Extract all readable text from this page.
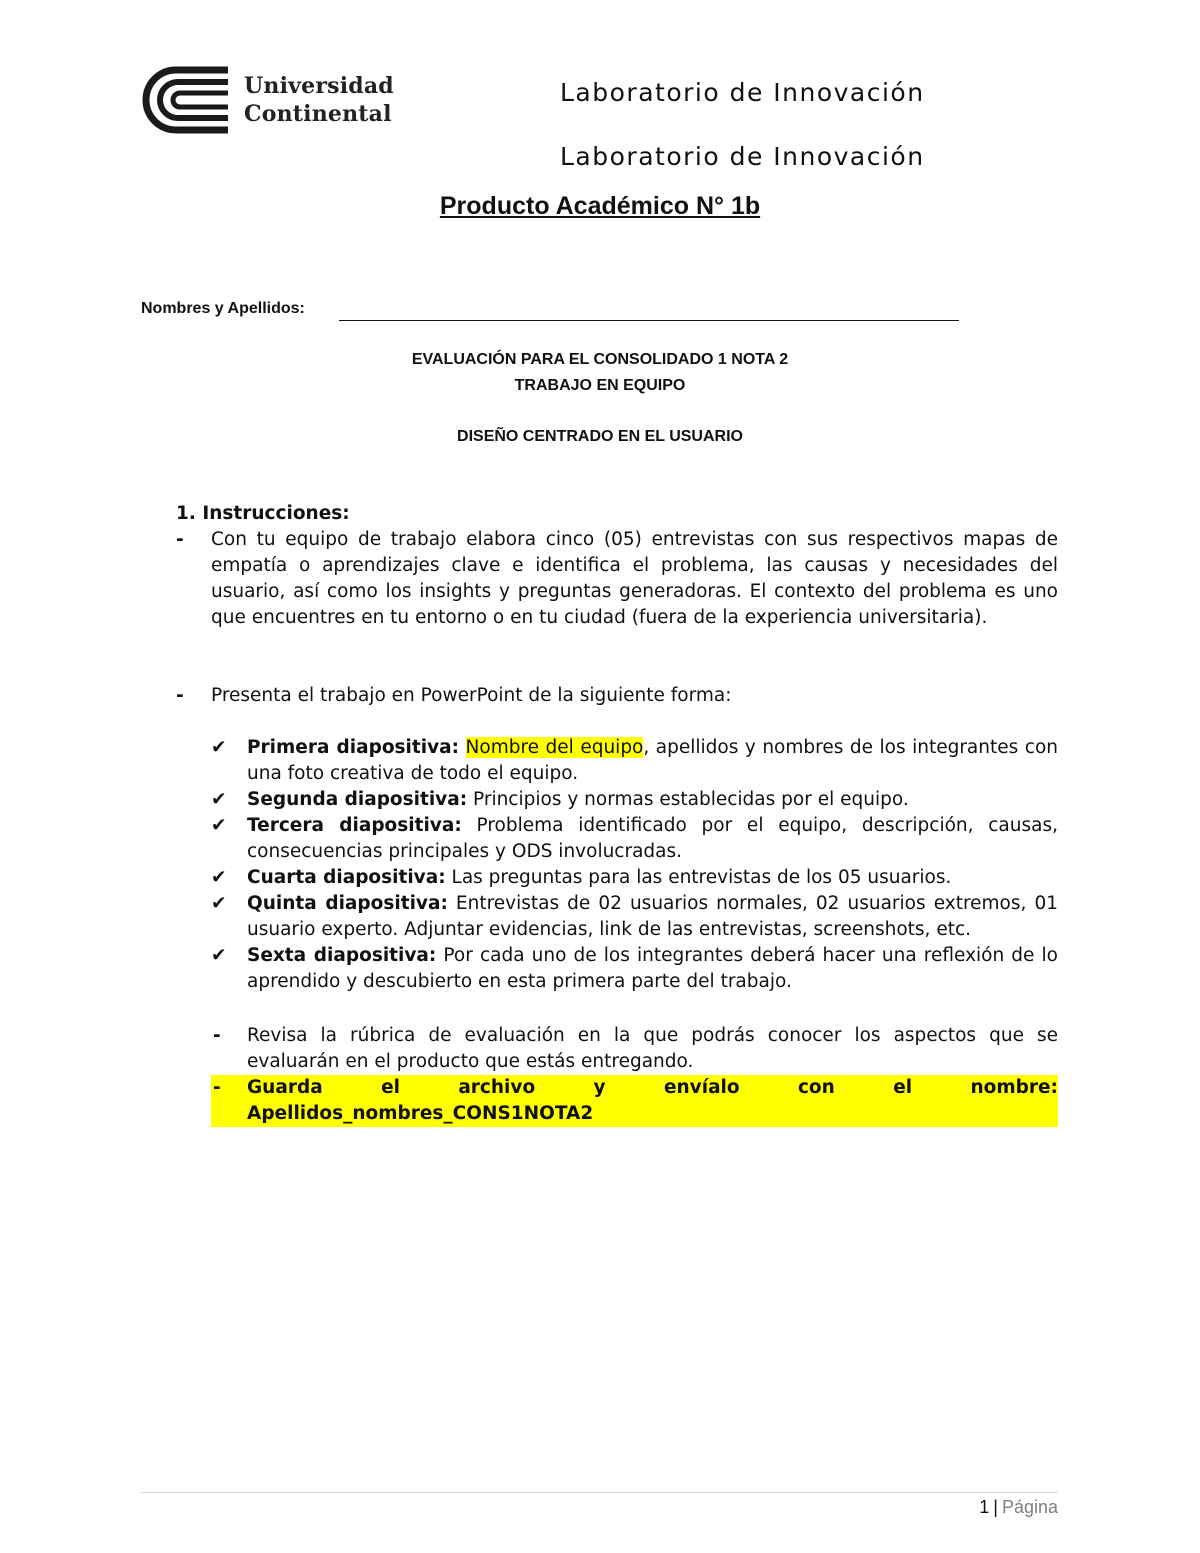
Universidad
Continental
Laboratorio de Innovación
Laboratorio de Innovación
Producto Académico N° 1b
Nombres y Apellidos:
EVALUACIÓN PARA EL CONSOLIDADO 1 NOTA 2
TRABAJO EN EQUIPO
DISEÑO CENTRADO EN EL USUARIO
1. Instrucciones:
- Con tu equipo de trabajo elabora cinco (05) entrevistas con sus respectivos mapas de empatía o aprendizajes clave e identifica el problema, las causas y necesidades del usuario, así como los insights y preguntas generadoras. El contexto del problema es uno que encuentres en tu entorno o en tu ciudad (fuera de la experiencia universitaria).
- Presenta el trabajo en PowerPoint de la siguiente forma:
✔ Primera diapositiva: Nombre del equipo, apellidos y nombres de los integrantes con una foto creativa de todo el equipo.
✔ Segunda diapositiva: Principios y normas establecidas por el equipo.
✔ Tercera diapositiva: Problema identificado por el equipo, descripción, causas, consecuencias principales y ODS involucradas.
✔ Cuarta diapositiva: Las preguntas para las entrevistas de los 05 usuarios.
✔ Quinta diapositiva: Entrevistas de 02 usuarios normales, 02 usuarios extremos, 01 usuario experto. Adjuntar evidencias, link de las entrevistas, screenshots, etc.
✔ Sexta diapositiva: Por cada uno de los integrantes deberá hacer una reflexión de lo aprendido y descubierto en esta primera parte del trabajo.
- Revisa la rúbrica de evaluación en la que podrás conocer los aspectos que se evaluarán en el producto que estás entregando.
- Guarda	el	archivo	y	envíalo	con	el	nombre:
Apellidos_nombres_CONS1NOTA2
1 | Página
